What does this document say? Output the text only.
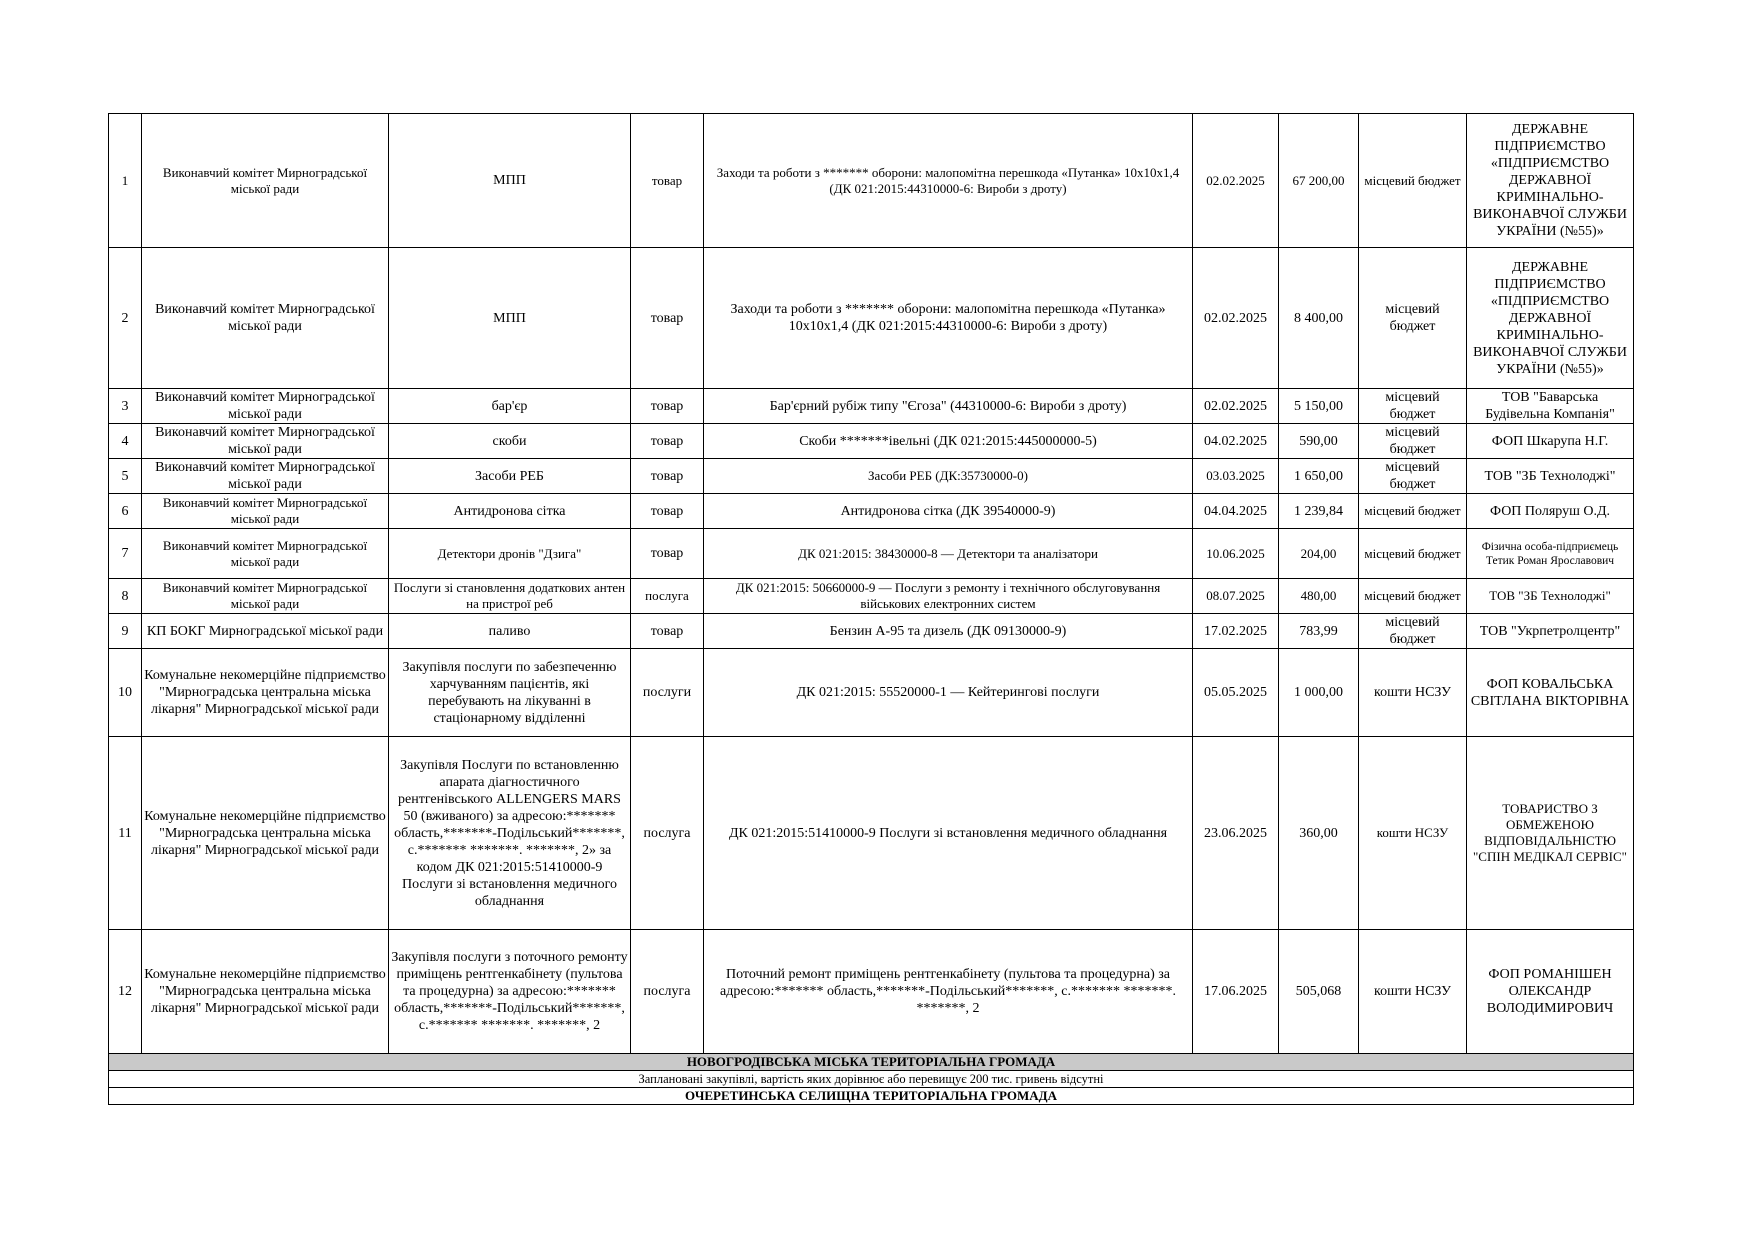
1	Виконавчий комітет Мирноградської міської ради	МПП	товар	Заходи та роботи з ******* оборони: малопомітна перешкода «Путанка» 10х10х1,4 (ДК 021:2015:44310000-6: Вироби з дроту)	02.02.2025	67 200,00	місцевий бюджет	ДЕРЖАВНЕ ПІДПРИЄМСТВО «ПІДПРИЄМСТВО ДЕРЖАВНОЇ КРИМІНАЛЬНО-ВИКОНАВЧОЇ СЛУЖБИ УКРАЇНИ (№55)»
2	Виконавчий комітет Мирноградської міської ради	МПП	товар	Заходи та роботи з ******* оборони: малопомітна перешкода «Путанка» 10х10х1,4 (ДК 021:2015:44310000-6: Вироби з дроту)	02.02.2025	8 400,00	місцевий бюджет	ДЕРЖАВНЕ ПІДПРИЄМСТВО «ПІДПРИЄМСТВО ДЕРЖАВНОЇ КРИМІНАЛЬНО-ВИКОНАВЧОЇ СЛУЖБИ УКРАЇНИ (№55)»
3	Виконавчий комітет Мирноградської міської ради	бар'єр	товар	Бар'єрний рубіж типу "Єгоза" (44310000-6: Вироби з дроту)	02.02.2025	5 150,00	місцевий бюджет	ТОВ "Баварська Будівельна Компанія"
4	Виконавчий комітет Мирноградської міської ради	скоби	товар	Скоби *******івельні (ДК 021:2015:445000000-5)	04.02.2025	590,00	місцевий бюджет	ФОП Шкарупа Н.Г.
5	Виконавчий комітет Мирноградської міської ради	Засоби РЕБ	товар	Засоби РЕБ (ДК:35730000-0)	03.03.2025	1 650,00	місцевий бюджет	ТОВ "ЗБ Технолоджі"
6	Виконавчий комітет Мирноградської міської ради	Антидронова сітка	товар	Антидронова сітка (ДК 39540000-9)	04.04.2025	1 239,84	місцевий бюджет	ФОП Поляруш О.Д.
7	Виконавчий комітет Мирноградської міської ради	Детектори дронів "Дзига"	товар	ДК 021:2015: 38430000-8 — Детектори та аналізатори	10.06.2025	204,00	місцевий бюджет	Фізична особа-підприємець Тетик Роман Ярославович
8	Виконавчий комітет Мирноградської міської ради	Послуги зі становлення додаткових антен на пристрої реб	послуга	ДК 021:2015: 50660000-9 — Послуги з ремонту і технічного обслуговування військових електронних систем	08.07.2025	480,00	місцевий бюджет	ТОВ "ЗБ Технолоджі"
9	КП БОКГ Мирноградської міської ради	паливо	товар	Бензин А-95 та дизель (ДК 09130000-9)	17.02.2025	783,99	місцевий бюджет	ТОВ "Укрпетролцентр"
10	Комунальне некомерційне підприємство "Мирноградська центральна міська лікарня" Мирноградської міської ради	Закупівля послуги по забезпеченню харчуванням пацієнтів, які перебувають на лікуванні в стаціонарному відділенні	послуги	ДК 021:2015: 55520000-1 — Кейтерингові послуги	05.05.2025	1 000,00	кошти НСЗУ	ФОП КОВАЛЬСЬКА СВІТЛАНА ВІКТОРІВНА
11	Комунальне некомерційне підприємство "Мирноградська центральна міська лікарня" Мирноградської міської ради	Закупівля Послуги по встановленню апарата діагностичного рентгенівського ALLENGERS MARS 50 (вживаного) за адресою:******* область,*******-Подільський*******, с.******* *******. *******, 2» за кодом ДК 021:2015:51410000-9 Послуги зі встановлення медичного обладнання	послуга	ДК 021:2015:51410000-9 Послуги зі встановлення медичного обладнання	23.06.2025	360,00	кошти НСЗУ	ТОВАРИСТВО З ОБМЕЖЕНОЮ ВІДПОВІДАЛЬНІСТЮ "СПІН МЕДІКАЛ СЕРВІС"
12	Комунальне некомерційне підприємство "Мирноградська центральна міська лікарня" Мирноградської міської ради	Закупівля послуги з поточного ремонту приміщень рентгенкабінету (пультова та процедурна) за адресою:******* область,*******-Подільський*******, с.******* *******. *******, 2	послуга	Поточний ремонт приміщень рентгенкабінету (пультова та процедурна) за адресою:******* область,*******-Подільський*******, с.******* *******. *******, 2	17.06.2025	505,068	кошти НСЗУ	ФОП РОМАНІШЕН ОЛЕКСАНДР ВОЛОДИМИРОВИЧ
НОВОГРОДІВСЬКА МІСЬКА ТЕРИТОРІАЛЬНА ГРОМАДА								
Заплановані закупівлі, вартість яких дорівнює або перевищує 200 тис. гривень відсутні								
ОЧЕРЕТИНСЬКА СЕЛИЩНА ТЕРИТОРІАЛЬНА ГРОМАДА								
